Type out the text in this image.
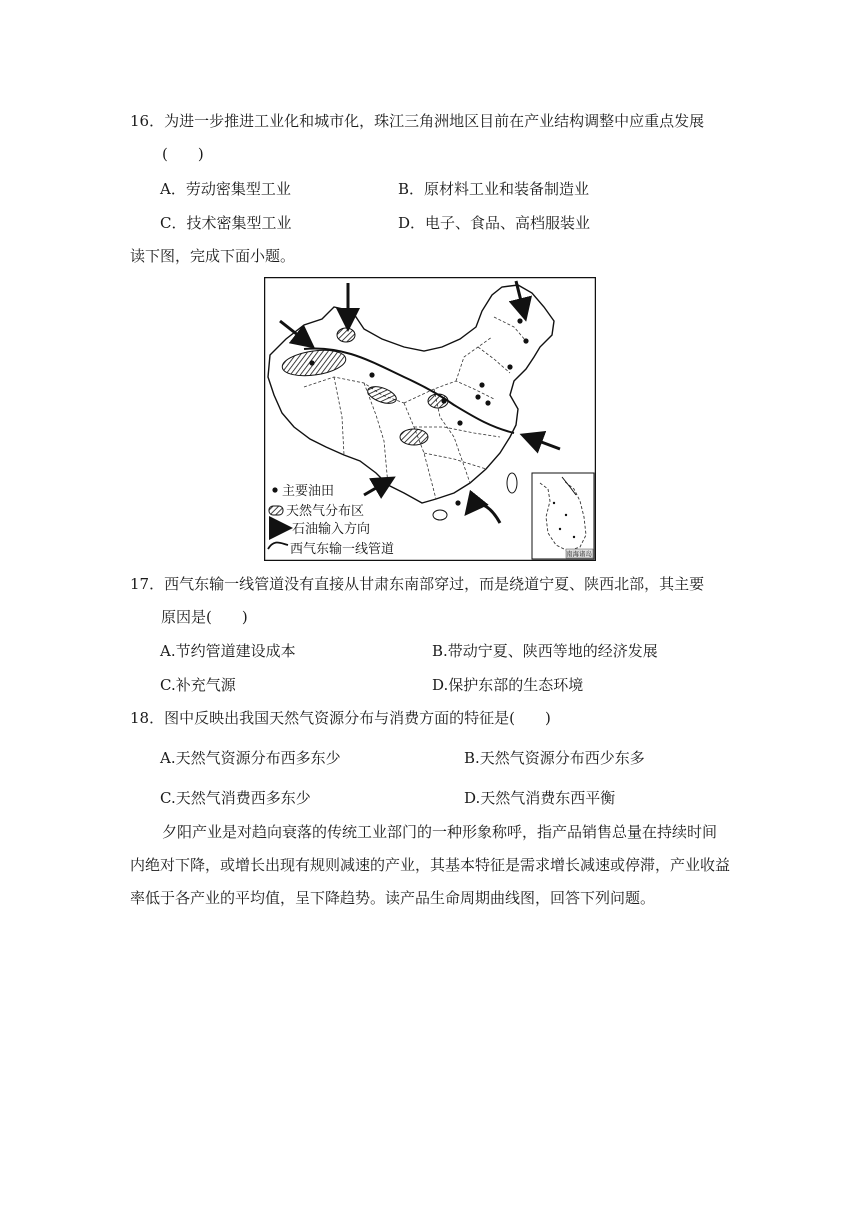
16．为进一步推进工业化和城市化，珠江三角洲地区目前在产业结构调整中应重点发展
(　　)
A．劳动密集型工业	B．原材料工业和装备制造业
C．技术密集型工业	D．电子、食品、高档服装业
读下图，完成下面小题。
南海诸岛
主要油田
天然气分布区
石油输入方向
西气东输一线管道
17．西气东输一线管道没有直接从甘肃东南部穿过，而是绕道宁夏、陕西北部，其主要
原因是(　　)
A.节约管道建设成本	B.带动宁夏、陕西等地的经济发展
C.补充气源	D.保护东部的生态环境
18．图中反映出我国天然气资源分布与消费方面的特征是(　　)
A.天然气资源分布西多东少	B.天然气资源分布西少东多
C.天然气消费西多东少	D.天然气消费东西平衡
夕阳产业是对趋向衰落的传统工业部门的一种形象称呼，指产品销售总量在持续时间
内绝对下降，或增长出现有规则减速的产业，其基本特征是需求增长减速或停滞，产业收益
率低于各产业的平均值，呈下降趋势。读产品生命周期曲线图，回答下列问题。
